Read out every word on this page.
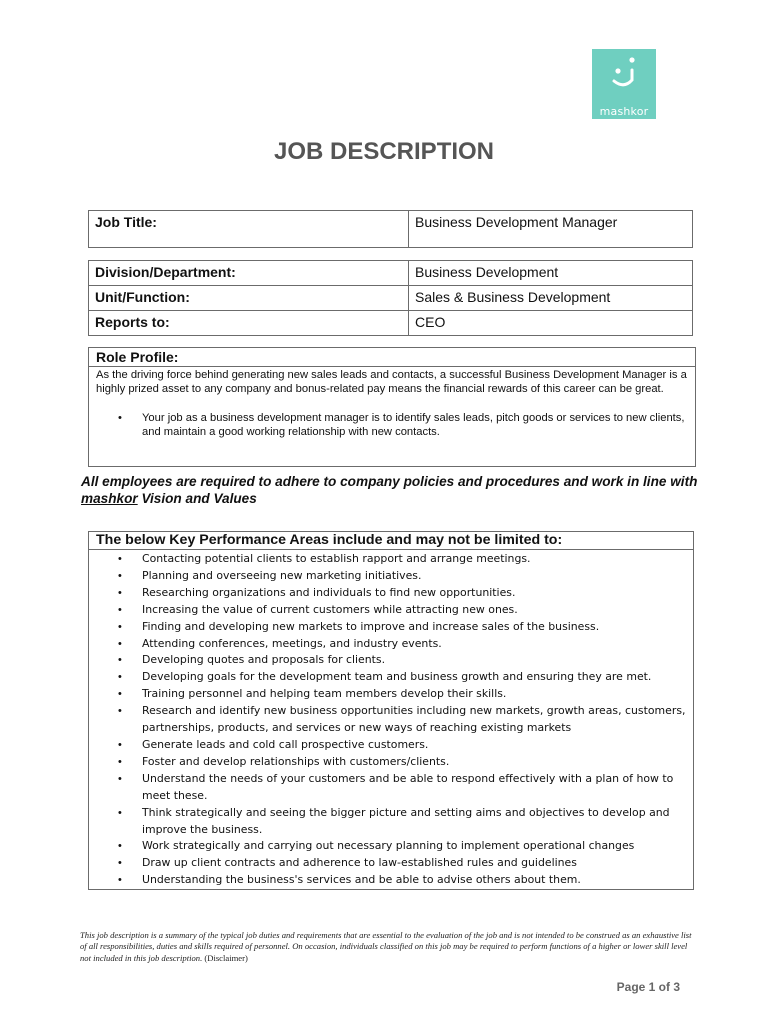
mashkor
JOB DESCRIPTION
Job Title:	Business Development Manager
Division/Department:	Business Development
Unit/Function:	Sales & Business Development
Reports to:	CEO
Role Profile:
As the driving force behind generating new sales leads and contacts, a successful Business Development Manager is a highly prized asset to any company and bonus-related pay means the financial rewards of this career can be great.
• Your job as a business development manager is to identify sales leads, pitch goods or services to new clients, and maintain a good working relationship with new contacts.
All employees are required to adhere to company policies and procedures and work in line with mashkor Vision and Values
The below Key Performance Areas include and may not be limited to:
• Contacting potential clients to establish rapport and arrange meetings.
• Planning and overseeing new marketing initiatives.
• Researching organizations and individuals to find new opportunities.
• Increasing the value of current customers while attracting new ones.
• Finding and developing new markets to improve and increase sales of the business.
• Attending conferences, meetings, and industry events.
• Developing quotes and proposals for clients.
• Developing goals for the development team and business growth and ensuring they are met.
• Training personnel and helping team members develop their skills.
• Research and identify new business opportunities including new markets, growth areas, customers, partnerships, products, and services or new ways of reaching existing markets
• Generate leads and cold call prospective customers.
• Foster and develop relationships with customers/clients.
• Understand the needs of your customers and be able to respond effectively with a plan of how to meet these.
• Think strategically and seeing the bigger picture and setting aims and objectives to develop and improve the business.
• Work strategically and carrying out necessary planning to implement operational changes
• Draw up client contracts and adherence to law-established rules and guidelines
• Understanding the business's services and be able to advise others about them.
This job description is a summary of the typical job duties and requirements that are essential to the evaluation of the job and is not intended to be construed as an exhaustive list of all responsibilities, duties and skills required of personnel. On occasion, individuals classified on this job may be required to perform functions of a higher or lower skill level not included in this job description. (Disclaimer)
Page 1 of 3
